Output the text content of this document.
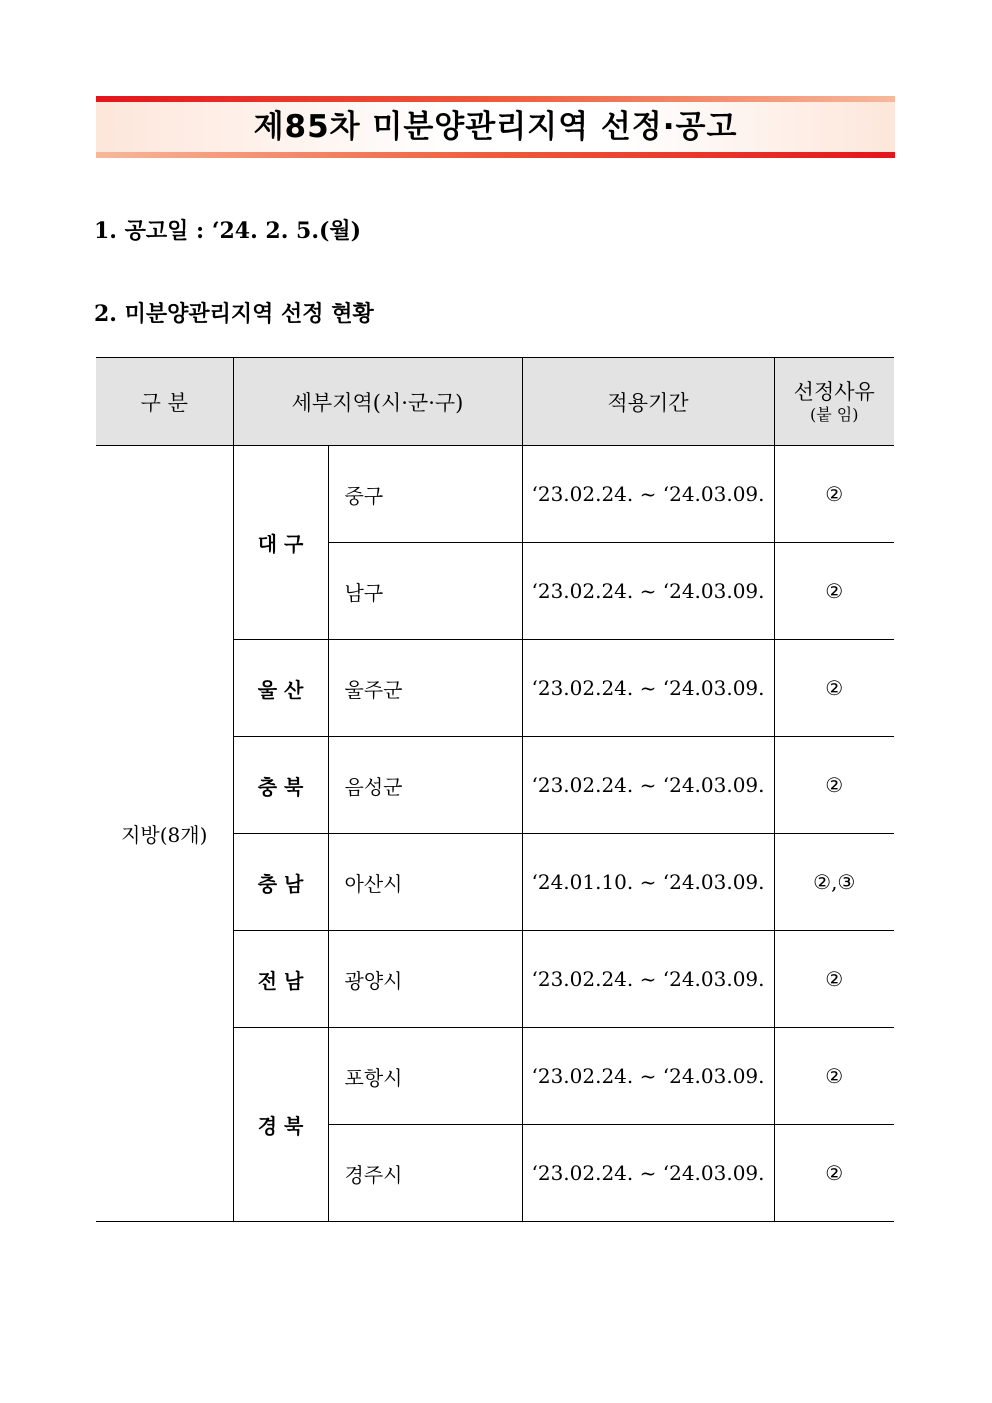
제85차 미분양관리지역 선정·공고
1. 공고일 : ‘24. 2. 5.(월)
2. 미분양관리지역 선정 현황
구 분	세부지역(시·군·구)		적용기간	선정사유
(붙 임)

지방(8개)	대 구	중구	‘23.02.24. ~ ‘24.03.09.	②
		남구	‘23.02.24. ~ ‘24.03.09.	②
	울 산	울주군	‘23.02.24. ~ ‘24.03.09.	②
	충 북	음성군	‘23.02.24. ~ ‘24.03.09.	②
	충 남	아산시	‘24.01.10. ~ ‘24.03.09.	②,③
	전 남	광양시	‘23.02.24. ~ ‘24.03.09.	②
	경 북	포항시	‘23.02.24. ~ ‘24.03.09.	②
		경주시	‘23.02.24. ~ ‘24.03.09.	②
